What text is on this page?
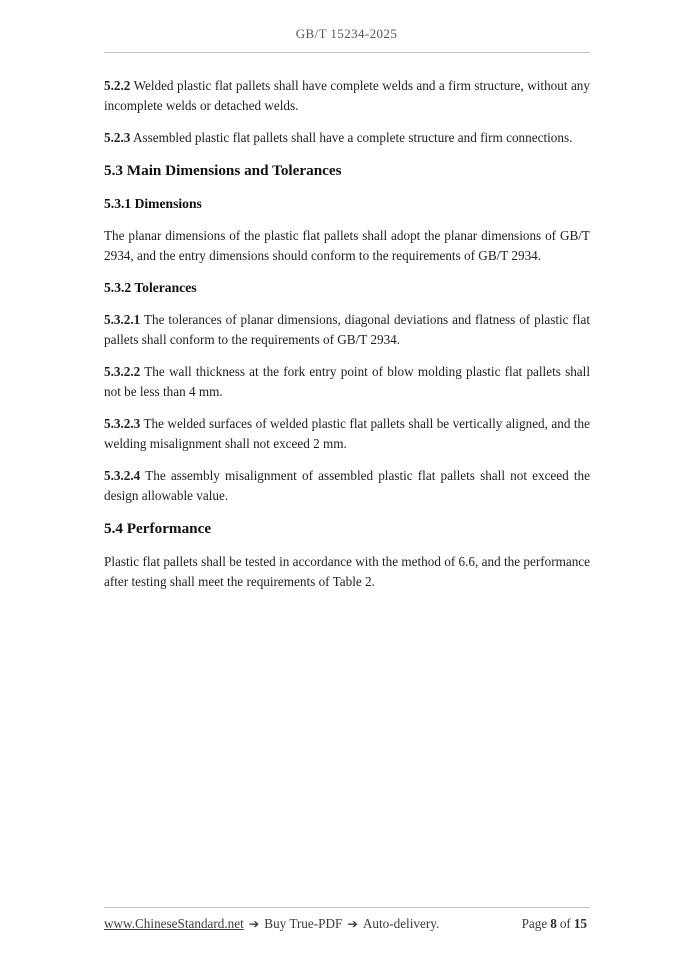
GB/T 15234-2025

5.2.2 Welded plastic flat pallets shall have complete welds and a firm structure, without any incomplete welds or detached welds.

5.2.3 Assembled plastic flat pallets shall have a complete structure and firm connections.

5.3 Main Dimensions and Tolerances
5.3.1 Dimensions

The planar dimensions of the plastic flat pallets shall adopt the planar dimensions of GB/T 2934, and the entry dimensions should conform to the requirements of GB/T 2934.

5.3.2 Tolerances

5.3.2.1 The tolerances of planar dimensions, diagonal deviations and flatness of plastic flat pallets shall conform to the requirements of GB/T 2934.

5.3.2.2 The wall thickness at the fork entry point of blow molding plastic flat pallets shall not be less than 4 mm.

5.3.2.3 The welded surfaces of welded plastic flat pallets shall be vertically aligned, and the welding misalignment shall not exceed 2 mm.

5.3.2.4 The assembly misalignment of assembled plastic flat pallets shall not exceed the design allowable value.

5.4 Performance

Plastic flat pallets shall be tested in accordance with the method of 6.6, and the performance after testing shall meet the requirements of Table 2.

www.ChineseStandard.net ➔ Buy True-PDF ➔ Auto-delivery.	Page 8 of 15
